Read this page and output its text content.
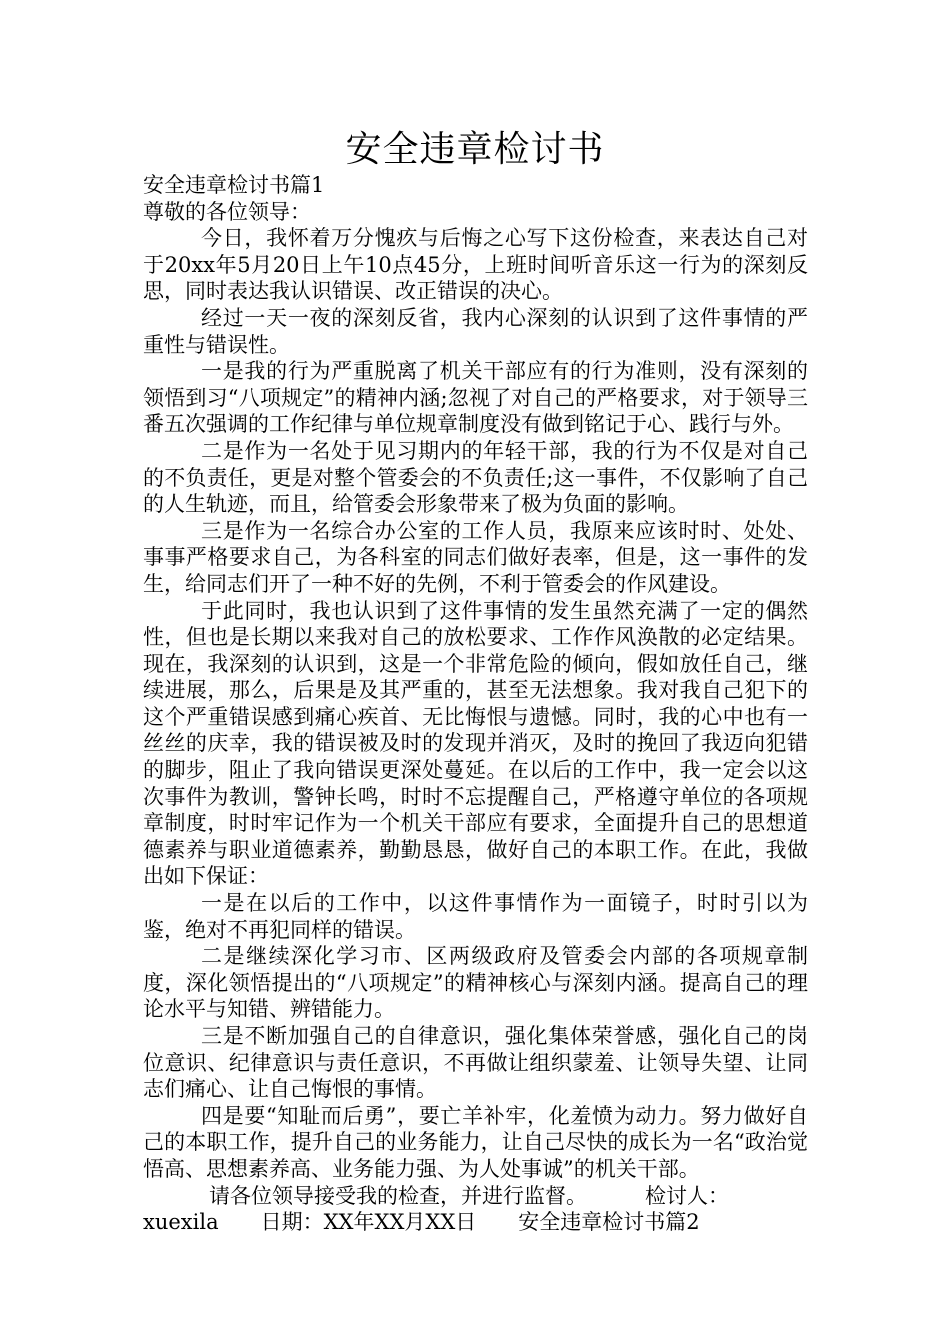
安全违章检讨书

安全违章检讨书篇1

尊敬的各位领导：

今日，我怀着万分愧疚与后悔之心写下这份检查，来表达自己对于20xx年5月20日上午10点45分，上班时间听音乐这一行为的深刻反思，同时表达我认识错误、改正错误的决心。

经过一天一夜的深刻反省，我内心深刻的认识到了这件事情的严重性与错误性。

一是我的行为严重脱离了机关干部应有的行为准则，没有深刻的领悟到习“八项规定”的精神内涵;忽视了对自己的严格要求，对于领导三番五次强调的工作纪律与单位规章制度没有做到铭记于心、践行与外。

二是作为一名处于见习期内的年轻干部，我的行为不仅是对自己的不负责任，更是对整个管委会的不负责任;这一事件，不仅影响了自己的人生轨迹，而且，给管委会形象带来了极为负面的影响。

三是作为一名综合办公室的工作人员，我原来应该时时、处处、事事严格要求自己，为各科室的同志们做好表率，但是，这一事件的发生，给同志们开了一种不好的先例，不利于管委会的作风建设。

于此同时，我也认识到了这件事情的发生虽然充满了一定的偶然性，但也是长期以来我对自己的放松要求、工作作风涣散的必定结果。现在，我深刻的认识到，这是一个非常危险的倾向，假如放任自己，继续进展，那么，后果是及其严重的，甚至无法想象。我对我自己犯下的这个严重错误感到痛心疾首、无比悔恨与遗憾。同时，我的心中也有一丝丝的庆幸，我的错误被及时的发现并消灭，及时的挽回了我迈向犯错的脚步，阻止了我向错误更深处蔓延。在以后的工作中，我一定会以这次事件为教训，警钟长鸣，时时不忘提醒自己，严格遵守单位的各项规章制度，时时牢记作为一个机关干部应有要求，全面提升自己的思想道德素养与职业道德素养，勤勤恳恳，做好自己的本职工作。在此，我做出如下保证：

一是在以后的工作中，以这件事情作为一面镜子，时时引以为鉴，绝对不再犯同样的错误。

二是继续深化学习市、区两级政府及管委会内部的各项规章制度，深化领悟提出的“八项规定”的精神核心与深刻内涵。提高自己的理论水平与知错、辨错能力。

三是不断加强自己的自律意识，强化集体荣誉感，强化自己的岗位意识、纪律意识与责任意识，不再做让组织蒙羞、让领导失望、让同志们痛心、让自己悔恨的事情。

四是要“知耻而后勇”，要亡羊补牢，化羞愤为动力。努力做好自己的本职工作，提升自己的业务能力，让自己尽快的成长为一名“政治觉悟高、思想素养高、业务能力强、为人处事诚”的机关干部。

请各位领导接受我的检查，并进行监督。	检讨人：

xuexila 日期：XX年XX月XX日 安全违章检讨书篇2
